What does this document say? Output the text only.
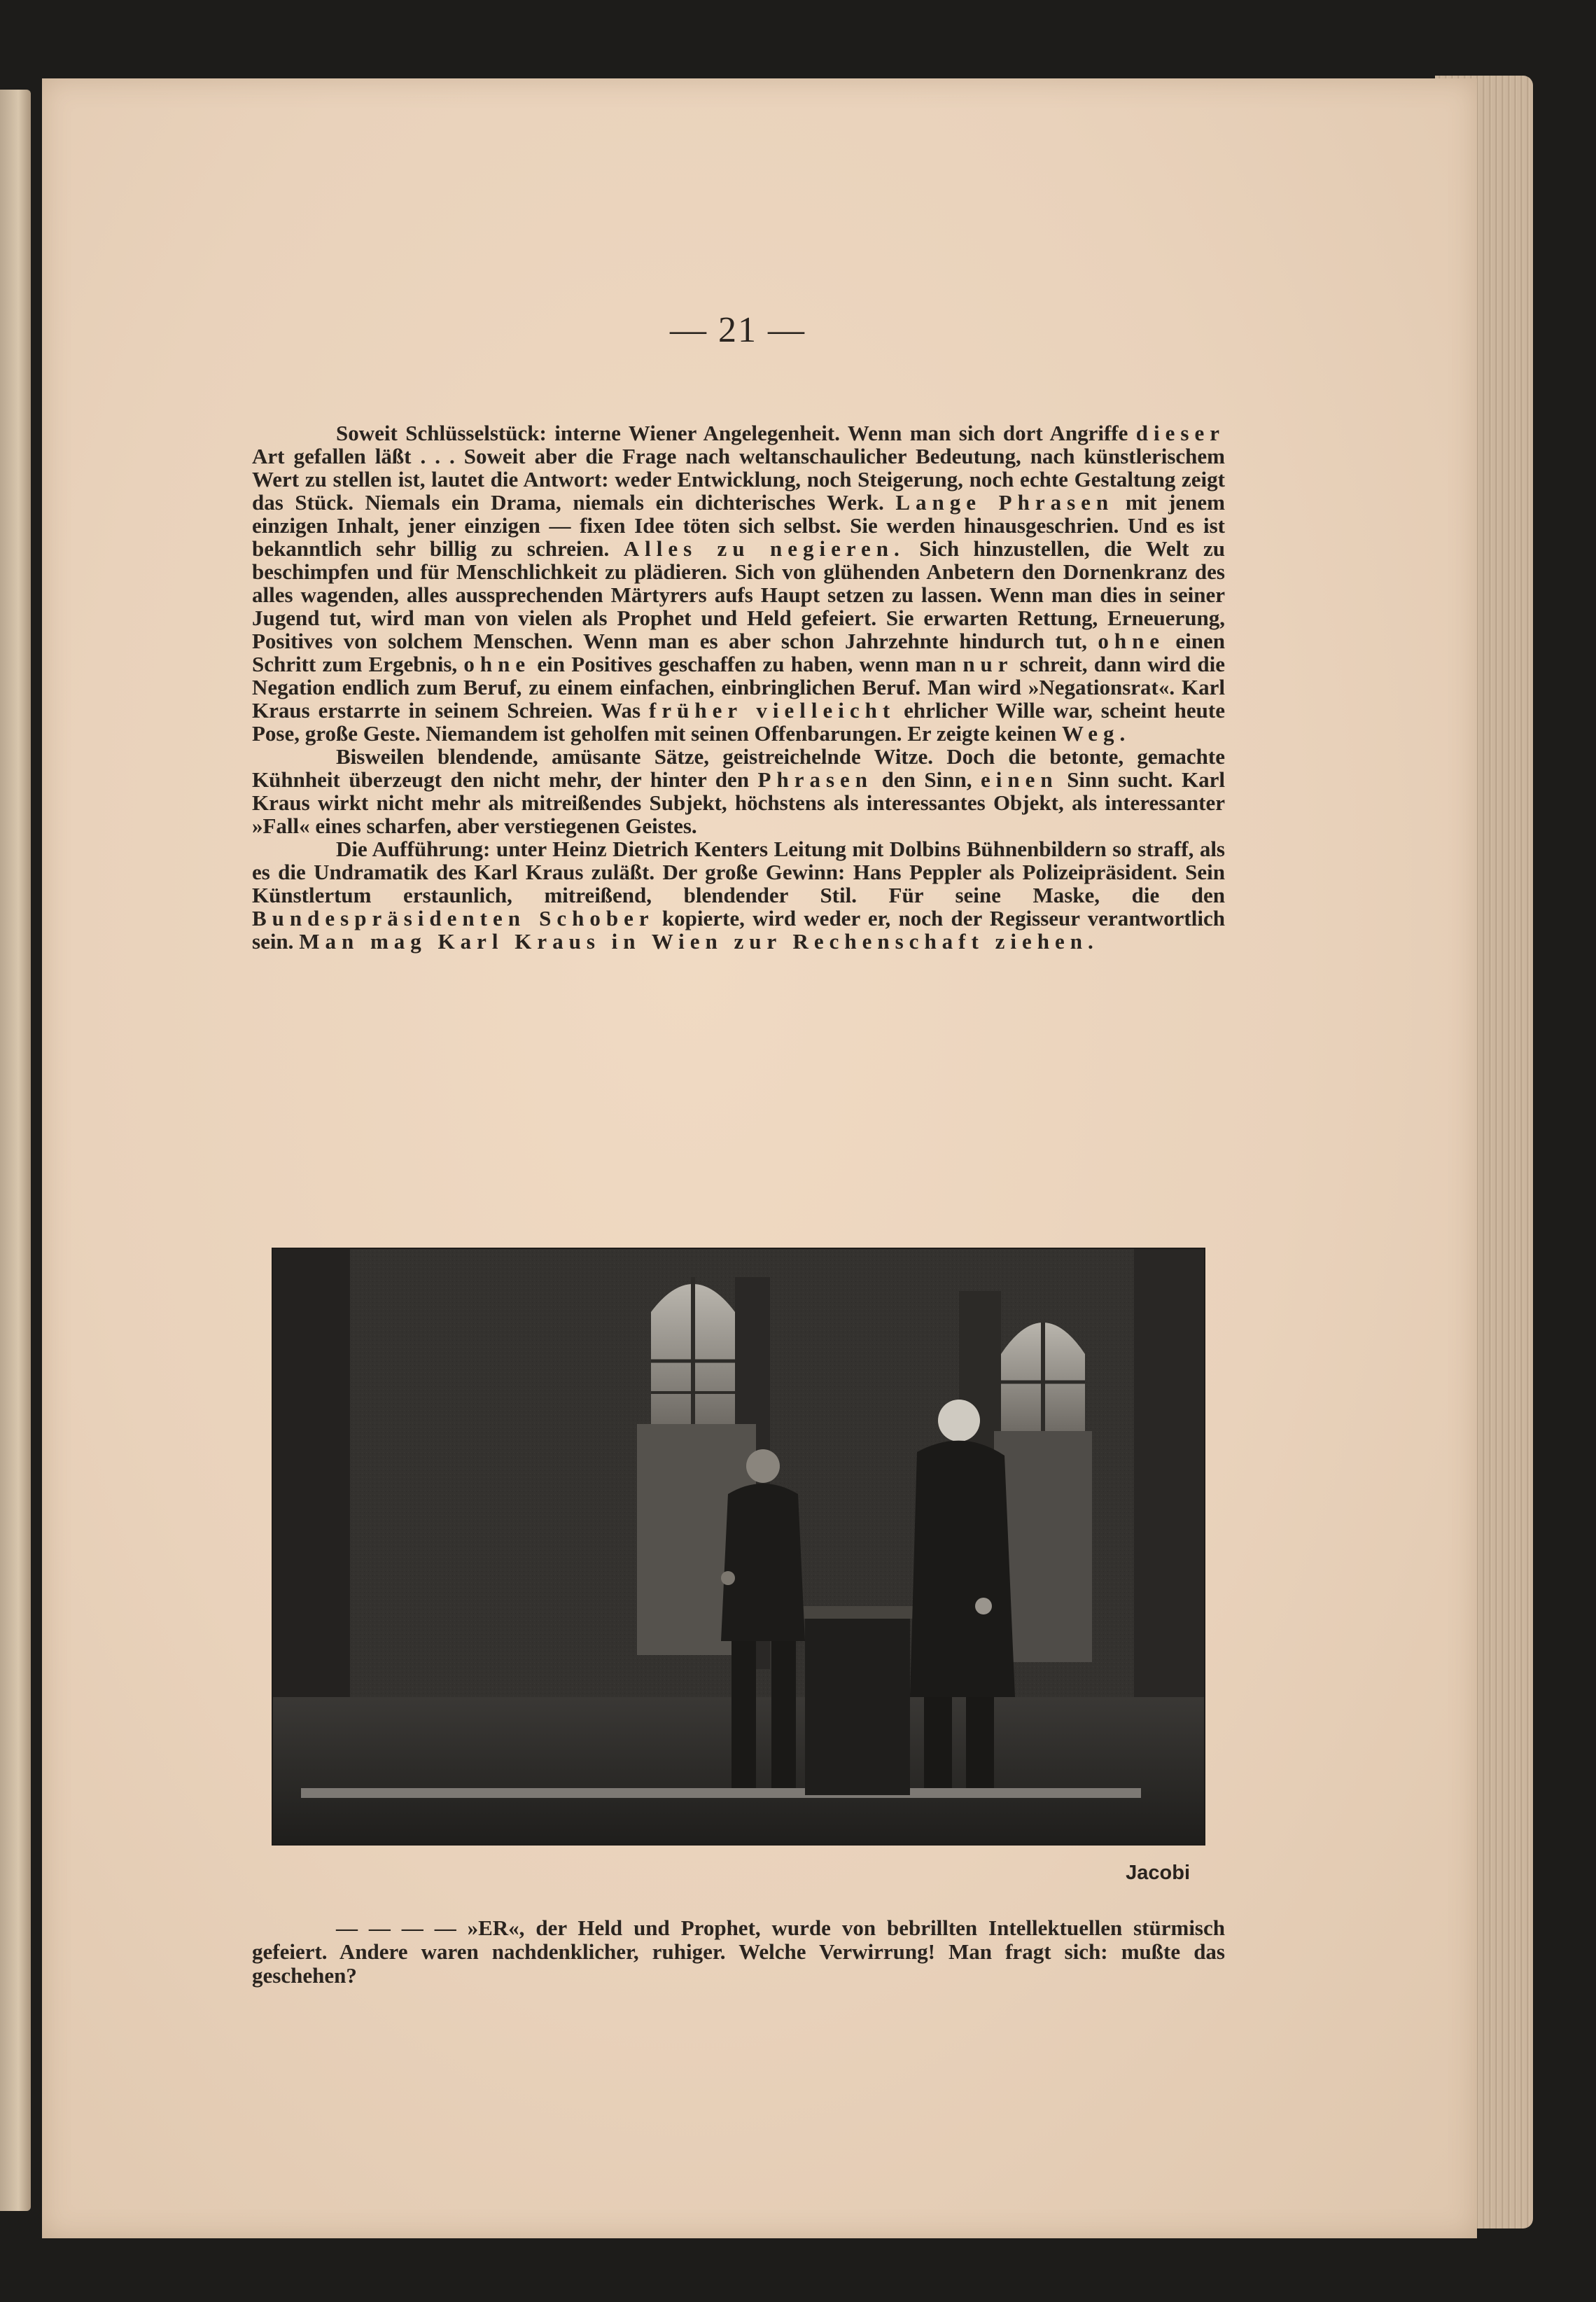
— 21 —

Soweit Schlüsselstück: interne Wiener Angelegenheit. Wenn man sich dort Angriffe dieser Art gefallen läßt . . . Soweit aber die Frage nach weltanschaulicher Bedeutung, nach künstlerischem Wert zu stellen ist, lautet die Antwort: weder Entwicklung, noch Steigerung, noch echte Gestaltung zeigt das Stück. Niemals ein Drama, niemals ein dichterisches Werk. Lange Phrasen mit jenem einzigen Inhalt, jener einzigen — fixen Idee töten sich selbst. Sie werden hinausgeschrien. Und es ist bekanntlich sehr billig zu schreien. Alles zu negieren. Sich hinzustellen, die Welt zu beschimpfen und für Menschlichkeit zu plädieren. Sich von glühenden Anbetern den Dornenkranz des alles wagenden, alles aussprechenden Märtyrers aufs Haupt setzen zu lassen. Wenn man dies in seiner Jugend tut, wird man von vielen als Prophet und Held gefeiert. Sie erwarten Rettung, Erneuerung, Positives von solchem Menschen. Wenn man es aber schon Jahrzehnte hindurch tut, ohne einen Schritt zum Ergebnis, ohne ein Positives geschaffen zu haben, wenn man nur schreit, dann wird die Negation endlich zum Beruf, zu einem einfachen, einbringlichen Beruf. Man wird »Negationsrat«. Karl Kraus erstarrte in seinem Schreien. Was früher vielleicht ehrlicher Wille war, scheint heute Pose, große Geste. Niemandem ist geholfen mit seinen Offenbarungen. Er zeigte keinen Weg.

Bisweilen blendende, amüsante Sätze, geistreichelnde Witze. Doch die betonte, gemachte Kühnheit überzeugt den nicht mehr, der hinter den Phrasen den Sinn, einen Sinn sucht. Karl Kraus wirkt nicht mehr als mitreißendes Subjekt, höchstens als interessantes Objekt, als interessanter »Fall« eines scharfen, aber verstiegenen Geistes.

Die Aufführung: unter Heinz Dietrich Kenters Leitung mit Dolbins Bühnenbildern so straff, als es die Undramatik des Karl Kraus zuläßt. Der große Gewinn: Hans Peppler als Polizeipräsident. Sein Künstlertum erstaunlich, mitreißend, blendender Stil. Für seine Maske, die den Bundespräsidenten Schober kopierte, wird weder er, noch der Regisseur verantwortlich sein. Man mag Karl Kraus in Wien zur Rechenschaft ziehen.

Jacobi
— — — — »ER«, der Held und Prophet, wurde von bebrillten Intellektuellen stürmisch gefeiert. Andere waren nachdenklicher, ruhiger. Welche Verwirrung! Man fragt sich: mußte das geschehen?
